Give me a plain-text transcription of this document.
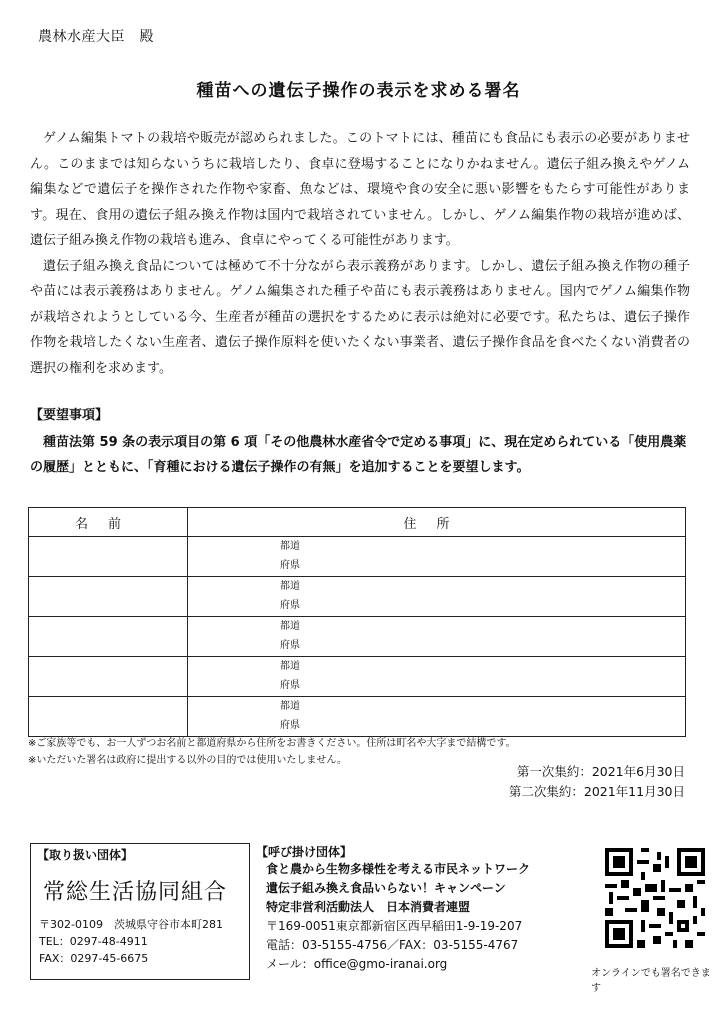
農林水産大臣　殿
種苗への遺伝子操作の表示を求める署名

ゲノム編集トマトの栽培や販売が認められました。このトマトには、種苗にも食品にも表示の必要がありません。このままでは知らないうちに栽培したり、食卓に登場することになりかねません。遺伝子組み換えやゲノム編集などで遺伝子を操作された作物や家畜、魚などは、環境や食の安全に悪い影響をもたらす可能性があります。現在、食用の遺伝子組み換え作物は国内で栽培されていません。しかし、ゲノム編集作物の栽培が進めば、遺伝子組み換え作物の栽培も進み、食卓にやってくる可能性があります。

遺伝子組み換え食品については極めて不十分ながら表示義務があります。しかし、遺伝子組み換え作物の種子や苗には表示義務はありません。ゲノム編集された種子や苗にも表示義務はありません。国内でゲノム編集作物が栽培されようとしている今、生産者が種苗の選択をするために表示は絶対に必要です。私たちは、遺伝子操作作物を栽培したくない生産者、遺伝子操作原料を使いたくない事業者、遺伝子操作食品を食べたくない消費者の選択の権利を求めます。

【要望事項】

種苗法第 59 条の表示項目の第 6 項「その他農林水産省令で定める事項」に、現在定められている「使用農薬の履歴」とともに、「育種における遺伝子操作の有無」を追加することを要望します。

名前	住所

	都道
府県

	都道
府県

	都道
府県

	都道
府県

	都道
府県
※ご家族等でも、お一人ずつお名前と都道府県から住所をお書きください。住所は町名や大字まで結構です。
※いただいた署名は政府に提出する以外の目的では使用いたしません。
第一次集約：2021年6月30日
第二次集約：2021年11月30日
【取り扱い団体】
常総生活協同組合
〒302-0109　茨城県守谷市本町281
TEL：0297-48-4911
FAX：0297-45-6675
【呼び掛け団体】
食と農から生物多様性を考える市民ネットワーク
遺伝子組み換え食品いらない！キャンペーン
特定非営利活動法人　日本消費者連盟
〒169-0051東京都新宿区西早稲田1-9-19-207
電話：03-5155-4756／FAX：03-5155-4767
メール：office@gmo-iranai.org
オンラインでも署名できます
